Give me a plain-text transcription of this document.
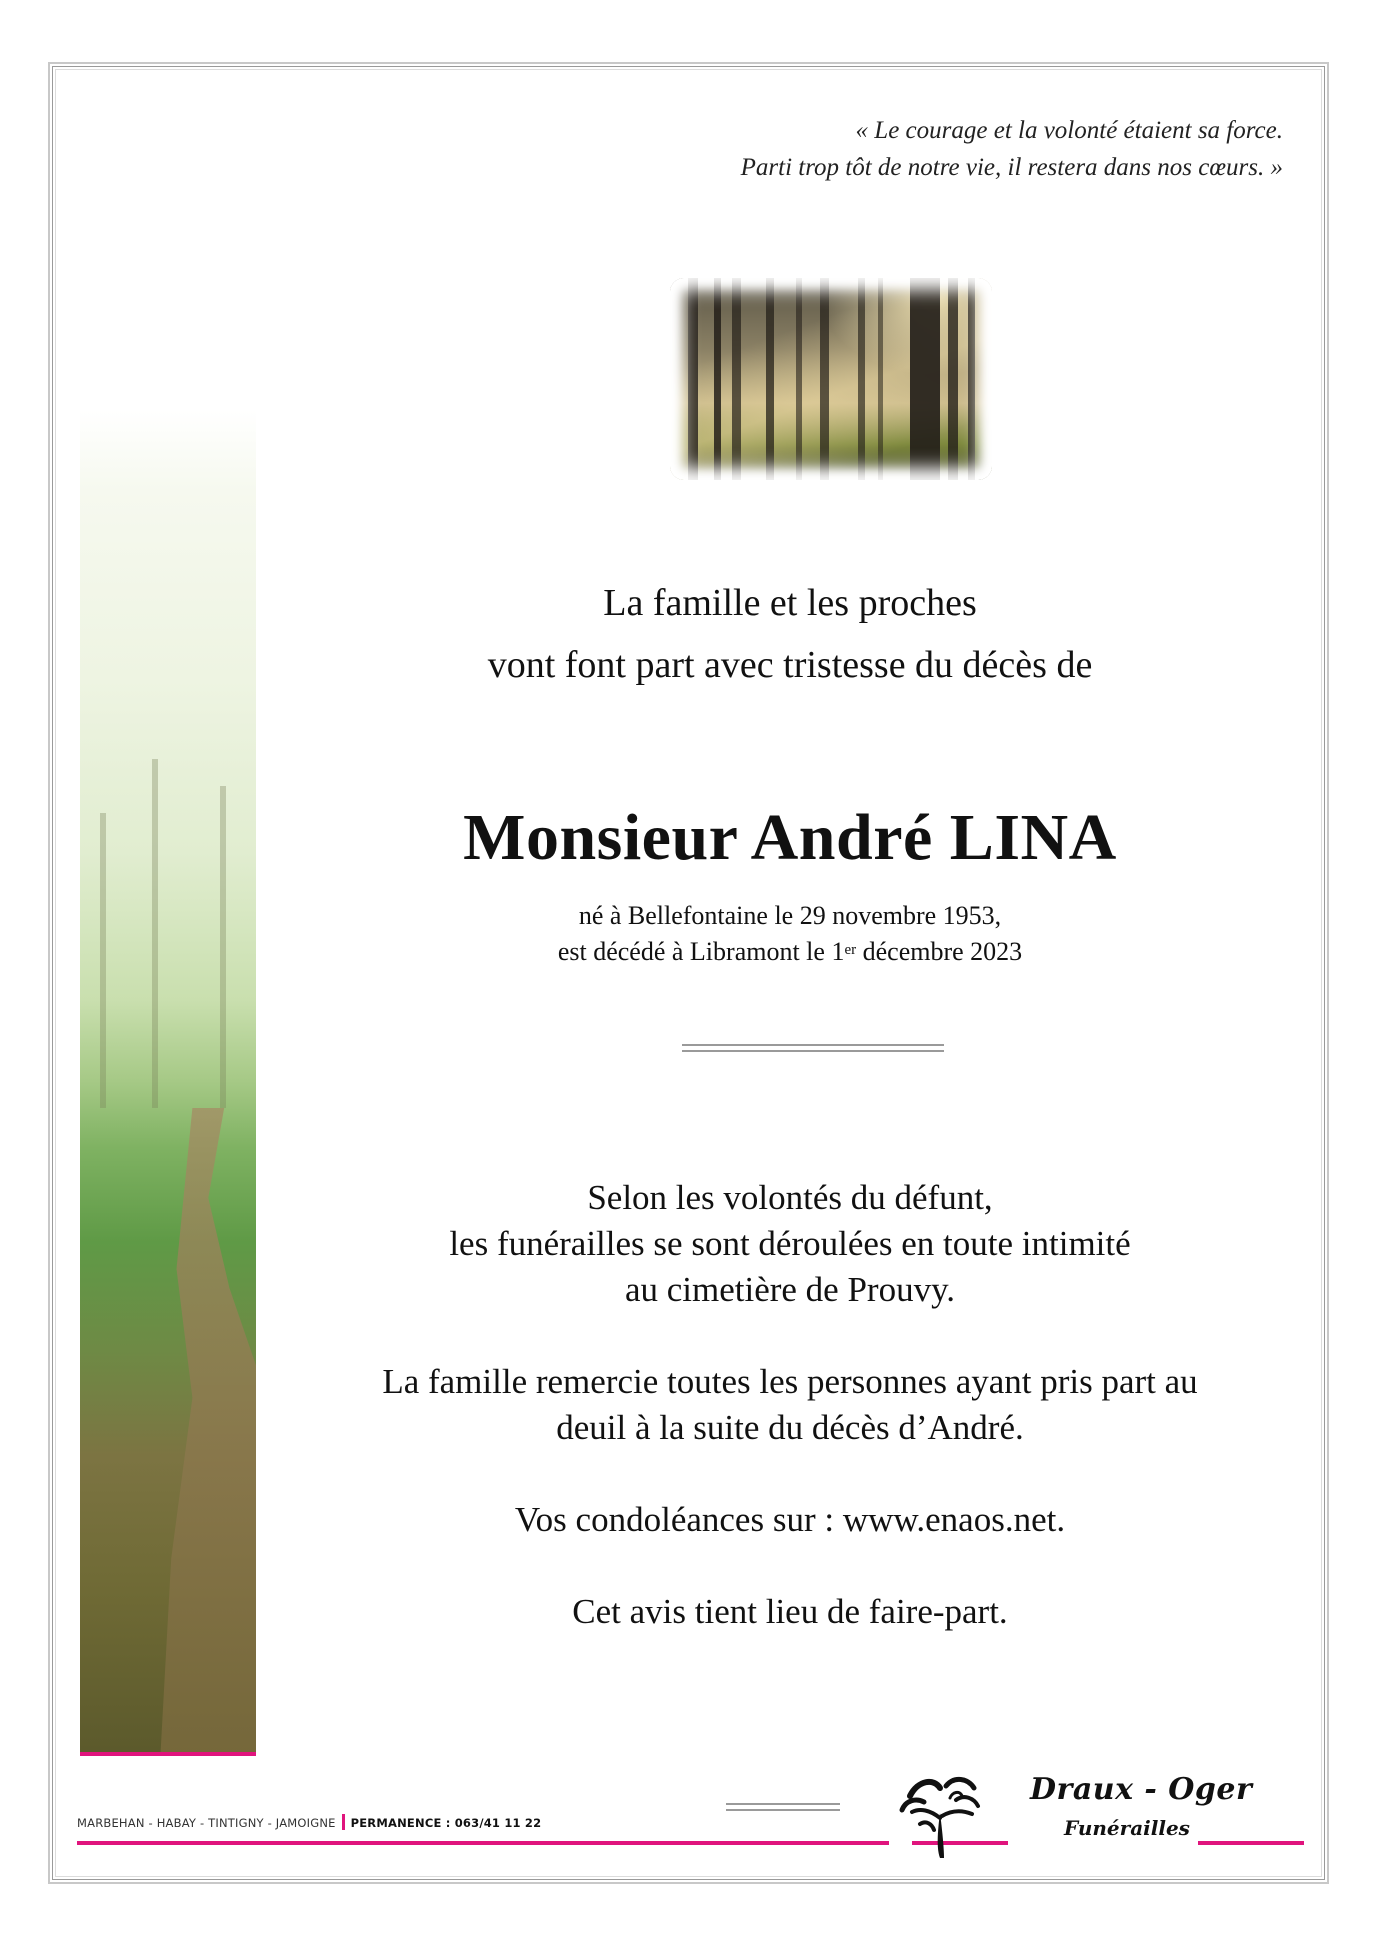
« Le courage et la volonté étaient sa force.
Parti trop tôt de notre vie, il restera dans nos cœurs. »
La famille et les proches
vont font part avec tristesse du décès de
Monsieur André LINA
né à Bellefontaine le 29 novembre 1953,
est décédé à Libramont le 1er décembre 2023
Selon les volontés du défunt,
les funérailles se sont déroulées en toute intimité
au cimetière de Prouvy.
La famille remercie toutes les personnes ayant pris part au
deuil à la suite du décès d’André.
Vos condoléances sur : www.enaos.net.
Cet avis tient lieu de faire-part.
MARBEHAN - HABAY - TINTIGNY - JAMOIGNE PERMANENCE : 063/41 11 22
Draux - Oger
Funérailles
